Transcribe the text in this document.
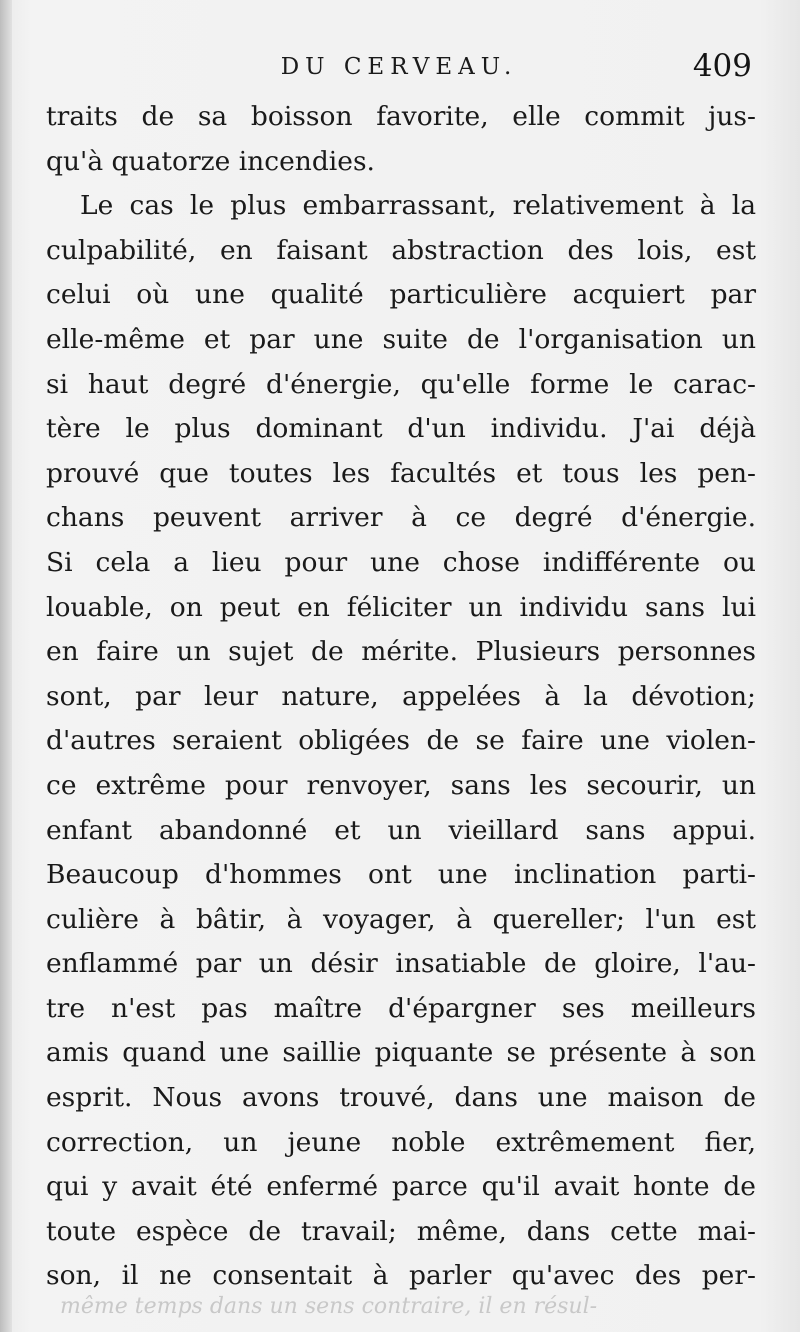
DU CERVEAU.	409
traits de sa boisson favorite, elle commit jus-
qu'à quatorze incendies.
Le cas le plus embarrassant, relativement à la
culpabilité, en faisant abstraction des lois, est
celui où une qualité particulière acquiert par
elle-même et par une suite de l'organisation un
si haut degré d'énergie, qu'elle forme le carac-
tère le plus dominant d'un individu. J'ai déjà
prouvé que toutes les facultés et tous les pen-
chans peuvent arriver à ce degré d'énergie.
Si cela a lieu pour une chose indifférente ou
louable, on peut en féliciter un individu sans lui
en faire un sujet de mérite. Plusieurs personnes
sont, par leur nature, appelées à la dévotion;
d'autres seraient obligées de se faire une violen-
ce extrême pour renvoyer, sans les secourir, un
enfant abandonné et un vieillard sans appui.
Beaucoup d'hommes ont une inclination parti-
culière à bâtir, à voyager, à quereller; l'un est
enflammé par un désir insatiable de gloire, l'au-
tre n'est pas maître d'épargner ses meilleurs
amis quand une saillie piquante se présente à son
esprit. Nous avons trouvé, dans une maison de
correction, un jeune noble extrêmement fier,
qui y avait été enfermé parce qu'il avait honte de
toute espèce de travail; même, dans cette mai-
son, il ne consentait à parler qu'avec des per-
même temps dans un sens contraire, il en résul-
